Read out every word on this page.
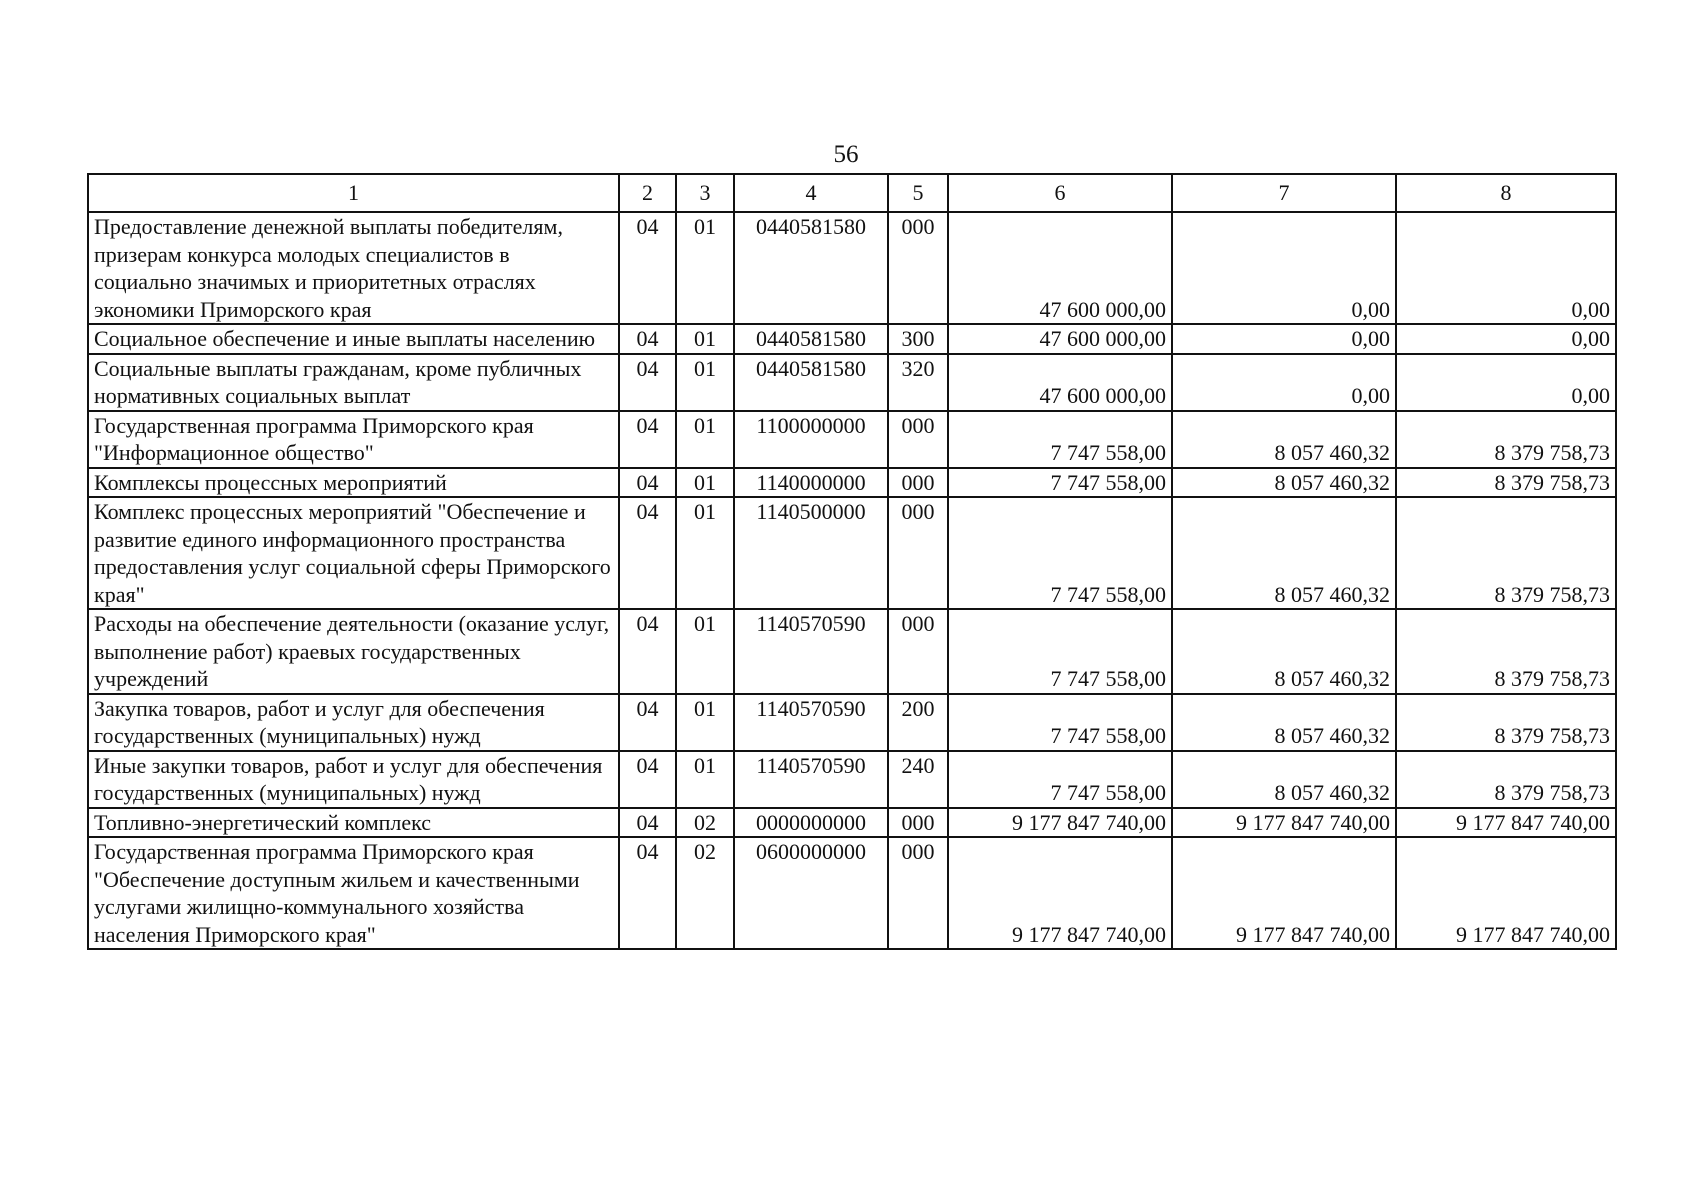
56
1	2	3	4	5	6	7	8
Предоставление денежной выплаты победителям, призерам конкурса молодых специалистов в социально значимых и приоритетных отраслях экономики Приморского края	04	01	0440581580	000	47 600 000,00	0,00	0,00
Социальное обеспечение и иные выплаты населению	04	01	0440581580	300	47 600 000,00	0,00	0,00
Социальные выплаты гражданам, кроме публичных нормативных социальных выплат	04	01	0440581580	320	47 600 000,00	0,00	0,00
Государственная программа Приморского края "Информационное общество"	04	01	1100000000	000	7 747 558,00	8 057 460,32	8 379 758,73
Комплексы процессных мероприятий	04	01	1140000000	000	7 747 558,00	8 057 460,32	8 379 758,73
Комплекс процессных мероприятий "Обеспечение и развитие единого информационного пространства предоставления услуг социальной сферы Приморского края"	04	01	1140500000	000	7 747 558,00	8 057 460,32	8 379 758,73
Расходы на обеспечение деятельности (оказание услуг, выполнение работ) краевых государственных учреждений	04	01	1140570590	000	7 747 558,00	8 057 460,32	8 379 758,73
Закупка товаров, работ и услуг для обеспечения государственных (муниципальных) нужд	04	01	1140570590	200	7 747 558,00	8 057 460,32	8 379 758,73
Иные закупки товаров, работ и услуг для обеспечения государственных (муниципальных) нужд	04	01	1140570590	240	7 747 558,00	8 057 460,32	8 379 758,73
Топливно-энергетический комплекс	04	02	0000000000	000	9 177 847 740,00	9 177 847 740,00	9 177 847 740,00
Государственная программа Приморского края "Обеспечение доступным жильем и качественными услугами жилищно-коммунального хозяйства населения Приморского края"	04	02	0600000000	000	9 177 847 740,00	9 177 847 740,00	9 177 847 740,00
